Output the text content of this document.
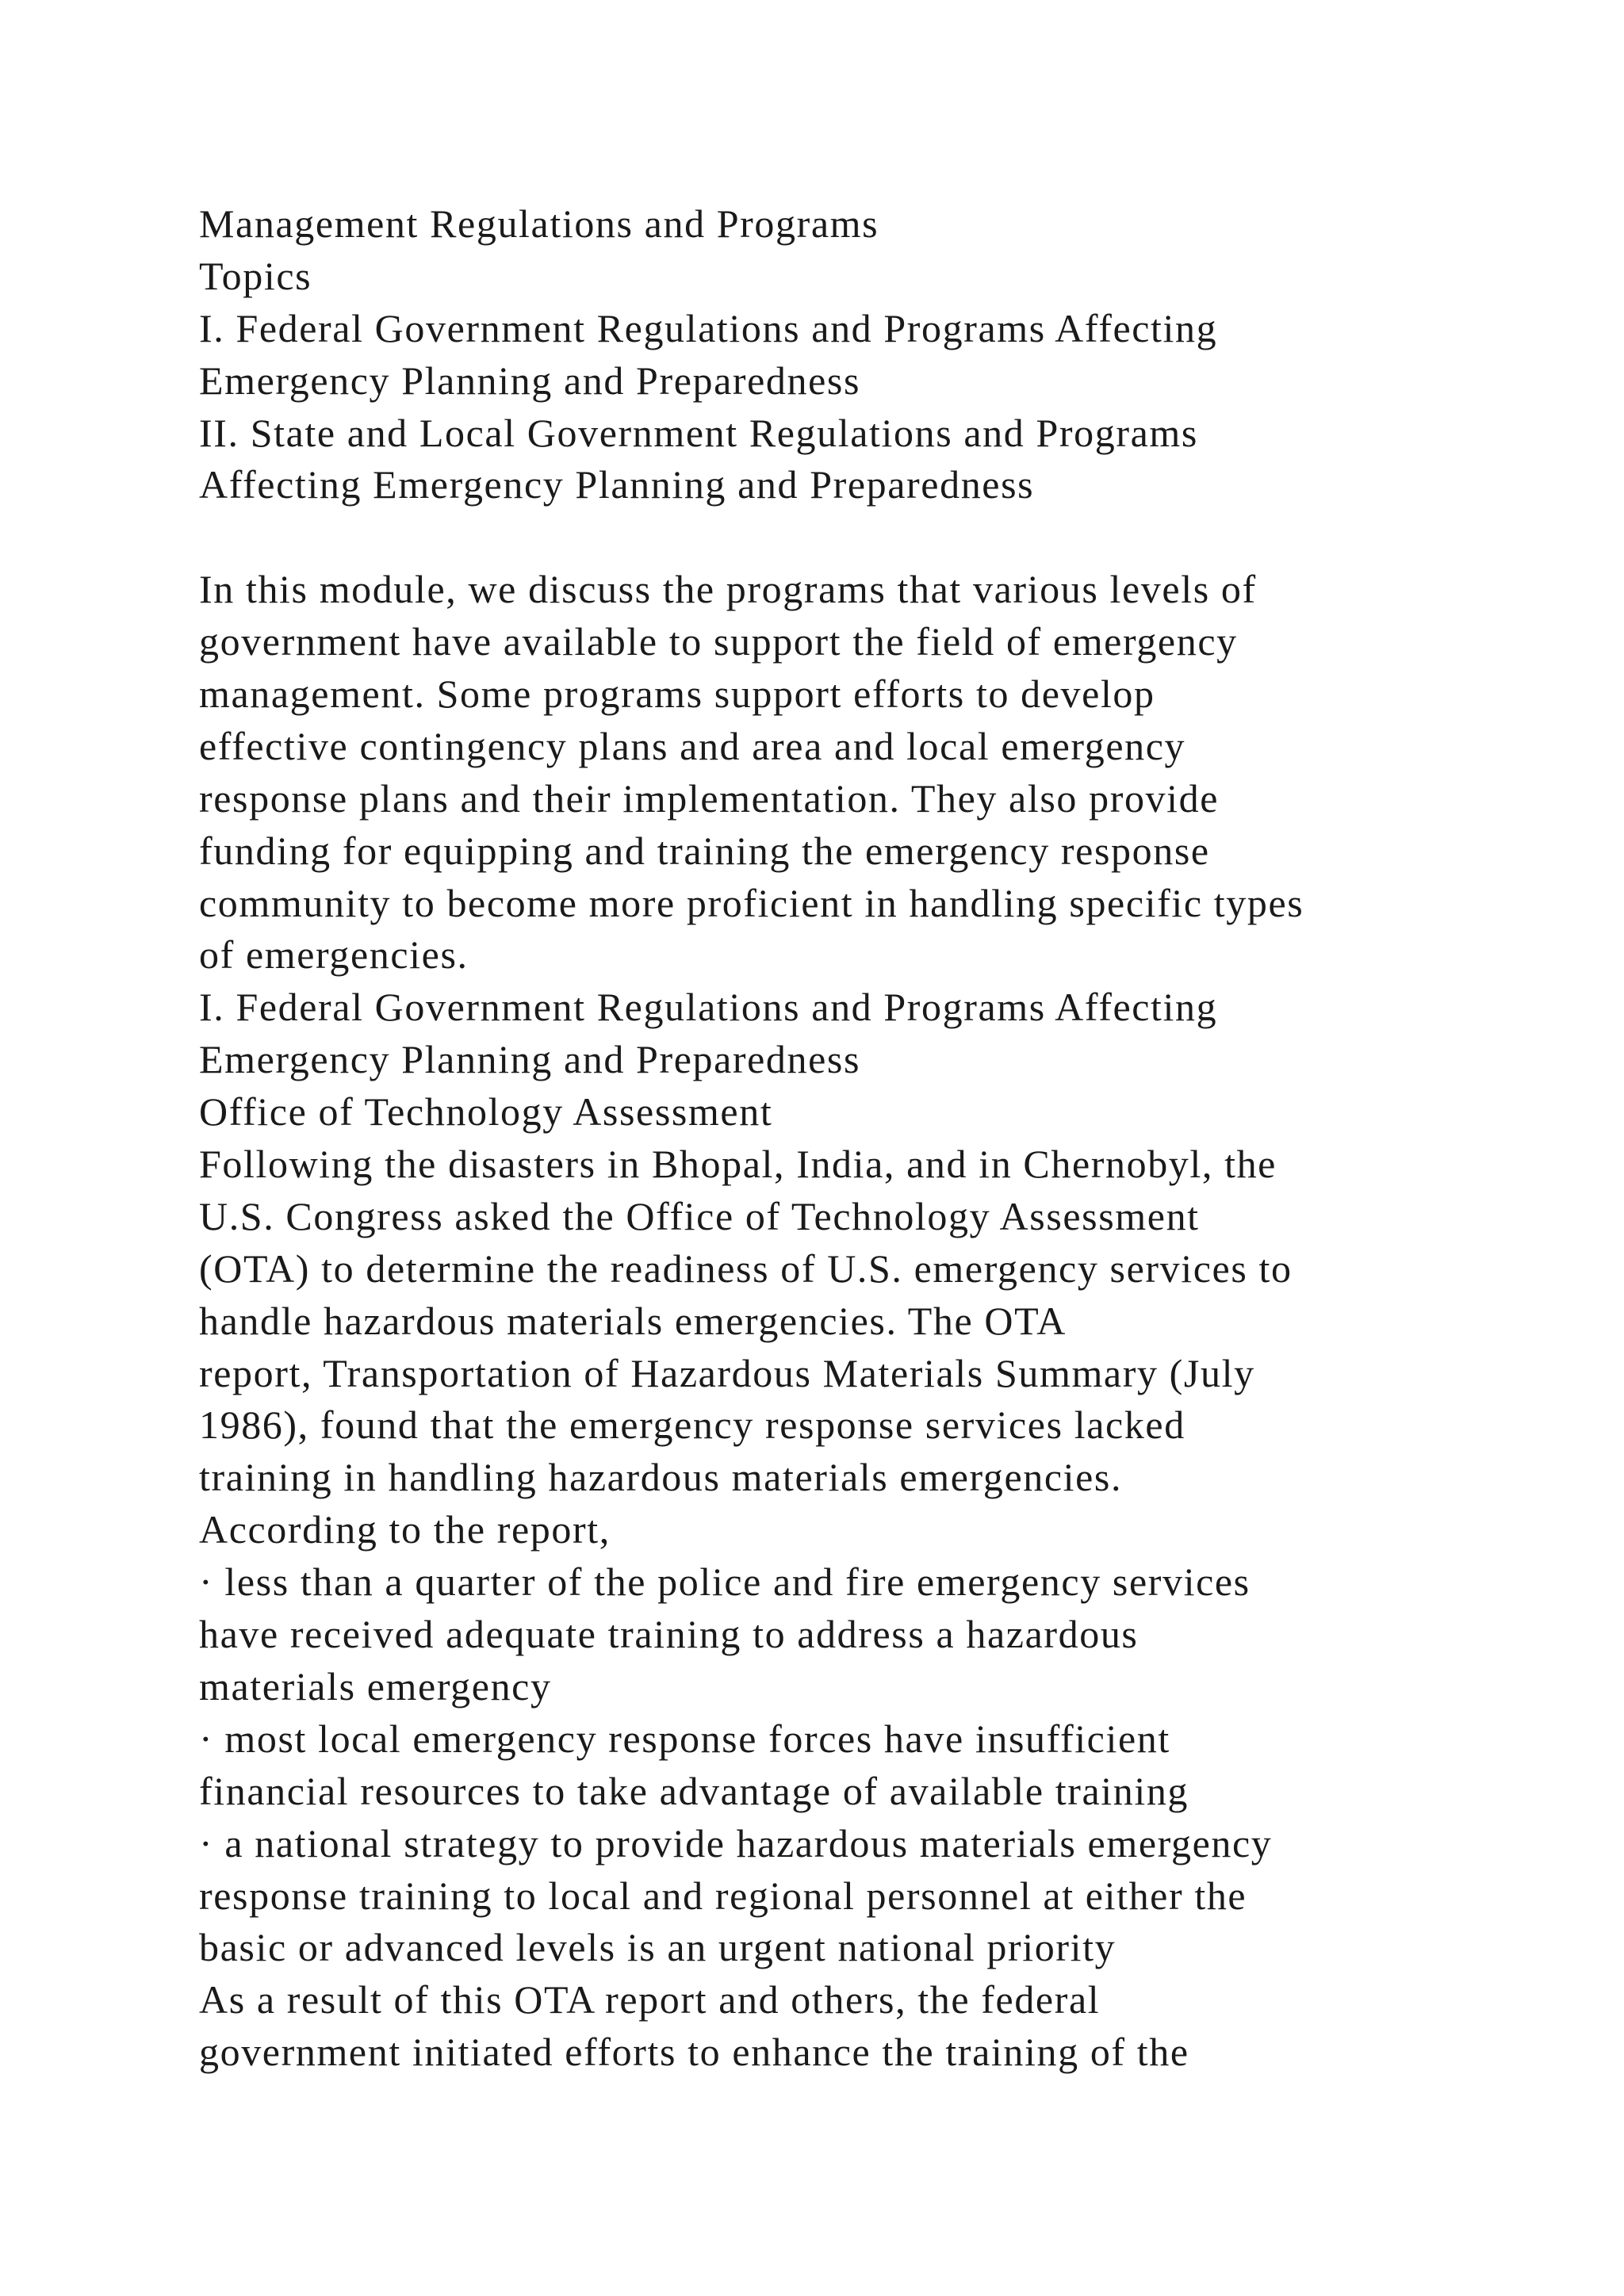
Management Regulations and Programs
Topics
I. Federal Government Regulations and Programs Affecting
Emergency Planning and Preparedness
II. State and Local Government Regulations and Programs
Affecting Emergency Planning and Preparedness
In this module, we discuss the programs that various levels of
government have available to support the field of emergency
management. Some programs support efforts to develop
effective contingency plans and area and local emergency
response plans and their implementation. They also provide
funding for equipping and training the emergency response
community to become more proficient in handling specific types
of emergencies.
I. Federal Government Regulations and Programs Affecting
Emergency Planning and Preparedness
Office of Technology Assessment
Following the disasters in Bhopal, India, and in Chernobyl, the
U.S. Congress asked the Office of Technology Assessment
(OTA) to determine the readiness of U.S. emergency services to
handle hazardous materials emergencies. The OTA
report, Transportation of Hazardous Materials Summary (July
1986), found that the emergency response services lacked
training in handling hazardous materials emergencies.
According to the report,
· less than a quarter of the police and fire emergency services
have received adequate training to address a hazardous
materials emergency
· most local emergency response forces have insufficient
financial resources to take advantage of available training
· a national strategy to provide hazardous materials emergency
response training to local and regional personnel at either the
basic or advanced levels is an urgent national priority
As a result of this OTA report and others, the federal
government initiated efforts to enhance the training of the
